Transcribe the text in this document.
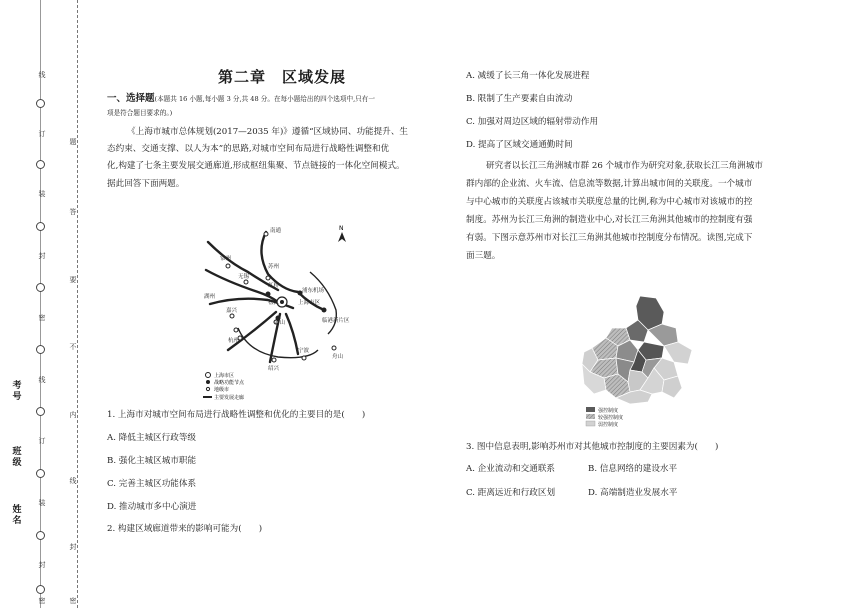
线
订
装
封
密
线
订
装
封
密
题
答
要
不
内
线
封
密
考号
班级
姓名
第二章　区域发展
一、选择题(本题共 16 小题,每小题 3 分,共 48 分。在每小题给出的四个选项中,只有一
项是符合题目要求的。)
《上海市城市总体规划(2017—2035 年)》遵循“区域协同、功能提升、生
态约束、交通支撑、以人为本”的思路,对城市空间布局进行战略性调整和优
化,构建了七条主要发展交通廊道,形成枢纽集聚、节点链接的一体化空间模式。
据此回答下面两题。
南通
常州
无锡
苏州
虹桥
浦东机场
上海市区
临港新片区
嘉兴
湖州
松江
金山
杭州
绍兴
宁波
舟山
N
上海市区
战略功能节点
地级市
主要发展走廊
1. 上海市对城市空间布局进行战略性调整和优化的主要目的是(　　)
A. 降低主城区行政等级
B. 强化主城区城市职能
C. 完善主城区功能体系
D. 推动城市多中心演进
2. 构建区域廊道带来的影响可能为(　　)
A. 减缓了长三角一体化发展进程
B. 限制了生产要素自由流动
C. 加强对周边区域的辐射带动作用
D. 提高了区域交通通勤时间
研究者以长江三角洲城市群 26 个城市作为研究对象,获取长江三角洲城市
群内部的企业流、火车流、信息流等数据,计算出城市间的关联度。一个城市
与中心城市的关联度占该城市关联度总量的比例,称为中心城市对该城市的控
制度。苏州为长江三角洲的制造业中心,对长江三角洲其他城市的控制度有强
有弱。下图示意苏州市对长江三角洲其他城市控制度分布情况。读图,完成下
面三题。
强控制度
较强控制度
弱控制度
3. 图中信息表明,影响苏州市对其他城市控制度的主要因素为(　　)
A. 企业流动和交通联系	B. 信息网络的建设水平
C. 距离远近和行政区划	D. 高端制造业发展水平
